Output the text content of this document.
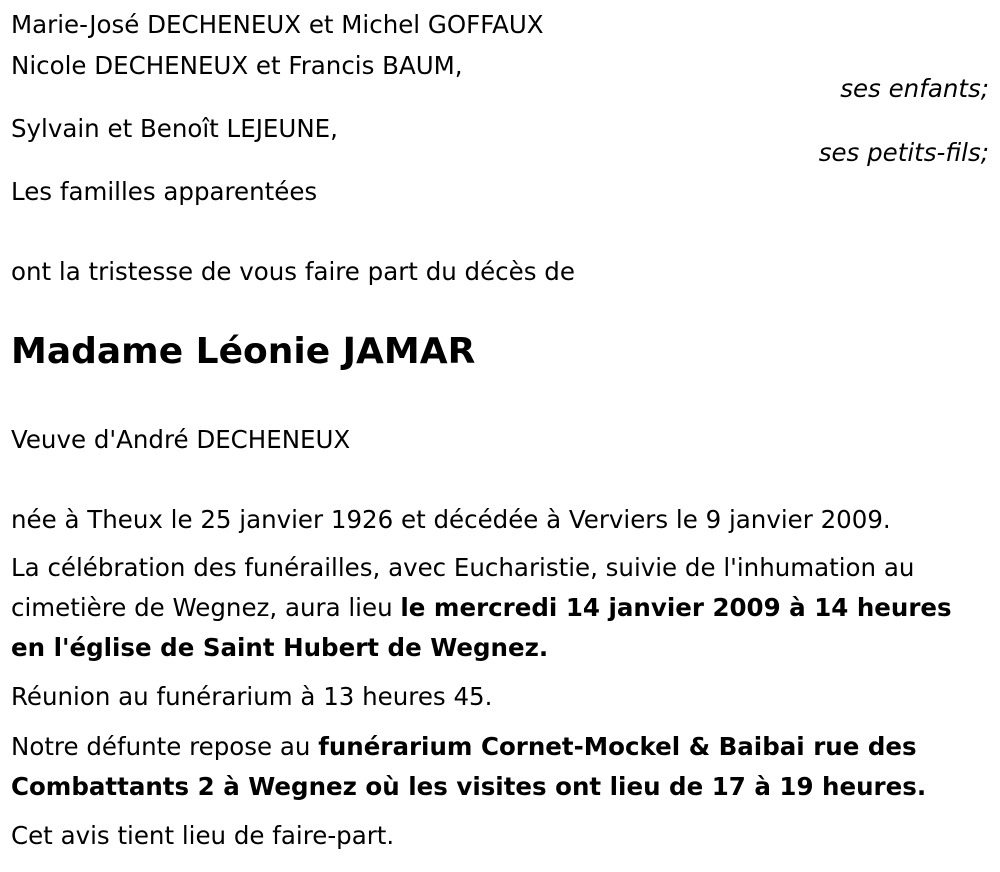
Marie-José DECHENEUX et Michel GOFFAUX

Nicole DECHENEUX et Francis BAUM,

ses enfants;

Sylvain et Benoît LEJEUNE,

ses petits-fils;

Les familles apparentées

ont la tristesse de vous faire part du décès de

Madame Léonie JAMAR

Veuve d'André DECHENEUX

née à Theux le 25 janvier 1926 et décédée à Verviers le 9 janvier 2009.

La célébration des funérailles, avec Eucharistie, suivie de l'inhumation au

cimetière de Wegnez, aura lieu le mercredi 14 janvier 2009 à 14 heures

en l'église de Saint Hubert de Wegnez.

Réunion au funérarium à 13 heures 45.

Notre défunte repose au funérarium Cornet-Mockel & Baibai rue des

Combattants 2 à Wegnez où les visites ont lieu de 17 à 19 heures.

Cet avis tient lieu de faire-part.
